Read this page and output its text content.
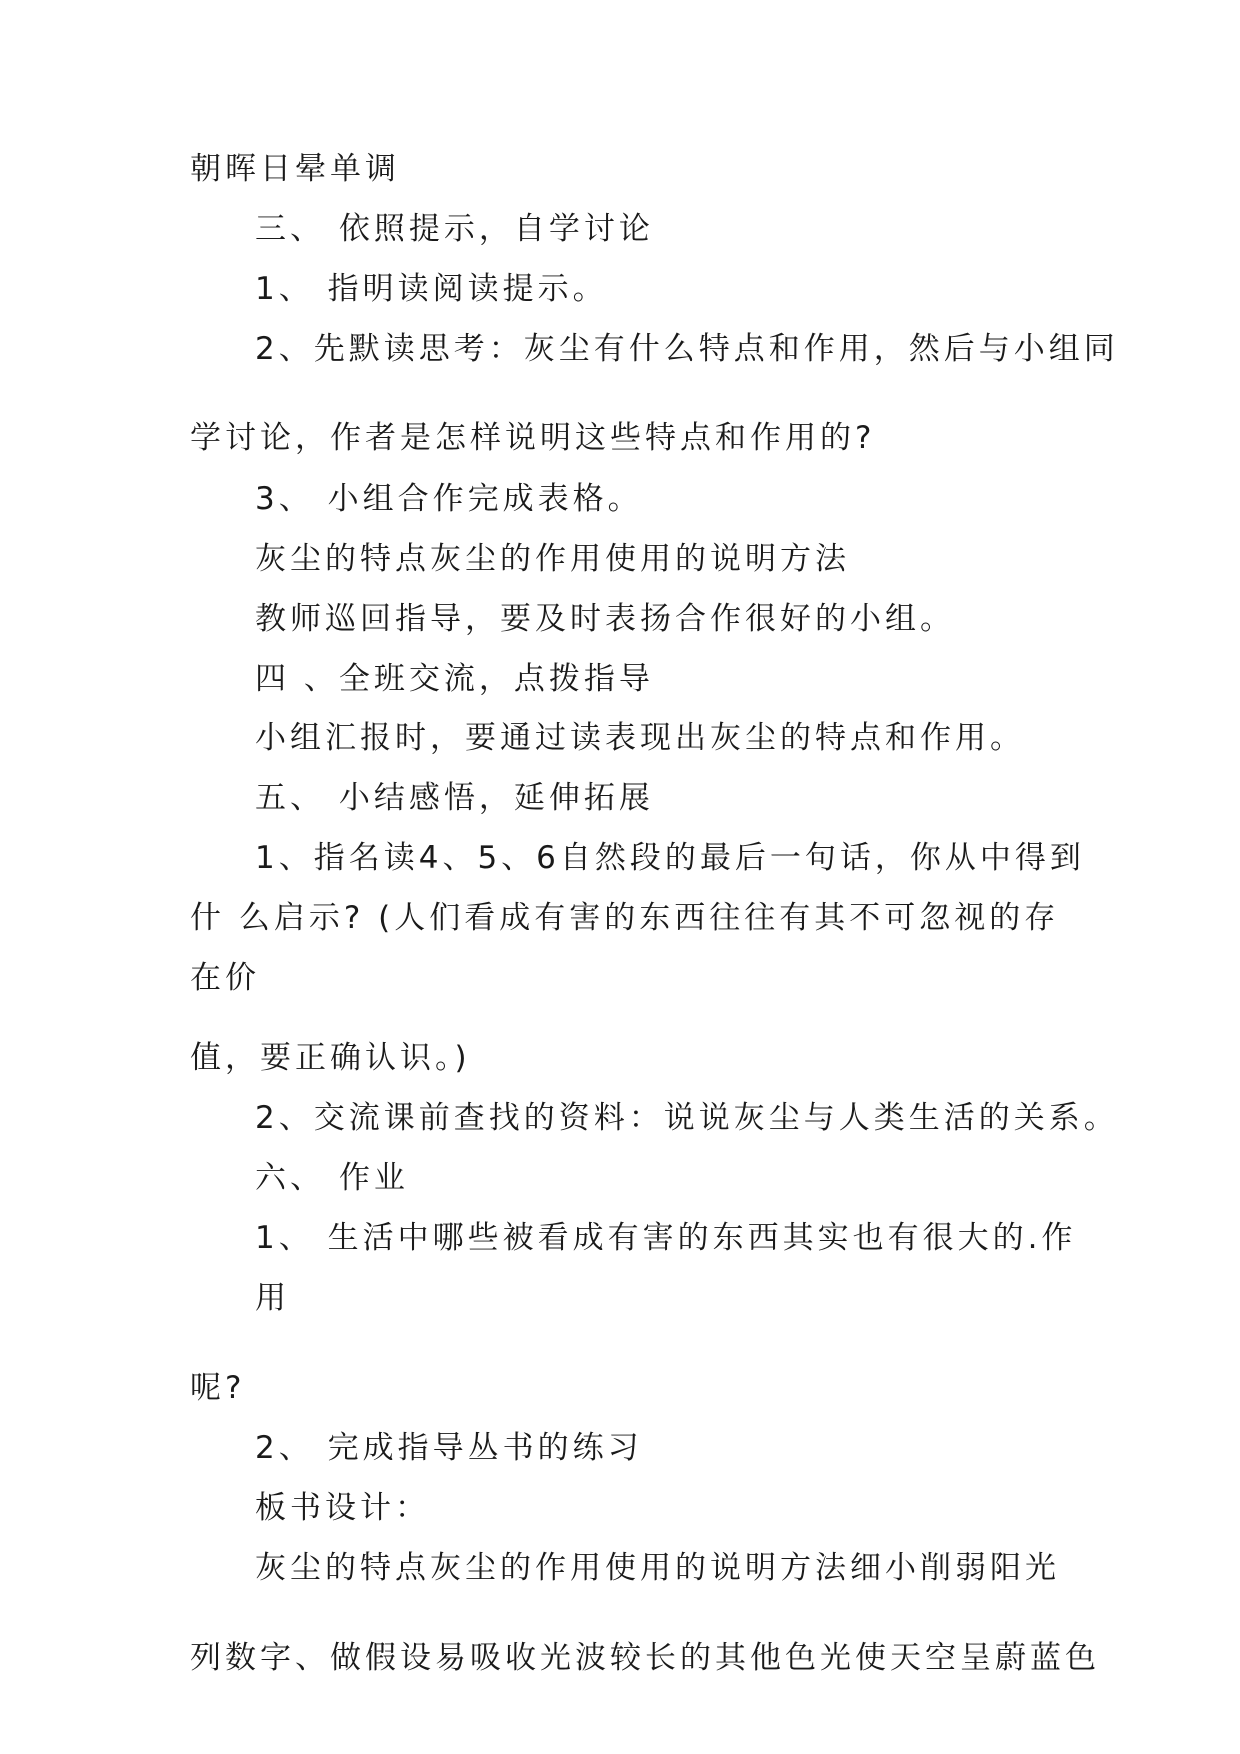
朝晖日晕单调
三、 依照提示，自学讨论
1、 指明读阅读提示。
2、先默读思考：灰尘有什么特点和作用，然后与小组同
学讨论，作者是怎样说明这些特点和作用的?
3、 小组合作完成表格。
灰尘的特点灰尘的作用使用的说明方法
教师巡回指导，要及时表扬合作很好的小组。
四 、全班交流，点拨指导
小组汇报时，要通过读表现出灰尘的特点和作用。
五、 小结感悟，延伸拓展
1、指名读4、5、6自然段的最后一句话，你从中得到
什 么启示? (人们看成有害的东西往往有其不可忽视的存
在价
值，要正确认识。)
2、交流课前查找的资料：说说灰尘与人类生活的关系。
六、 作业
1、 生活中哪些被看成有害的东西其实也有很大的.作
用
呢?
2、 完成指导丛书的练习
板书设计：
灰尘的特点灰尘的作用使用的说明方法细小削弱阳光
列数字、做假设易吸收光波较长的其他色光使天空呈蔚蓝色
